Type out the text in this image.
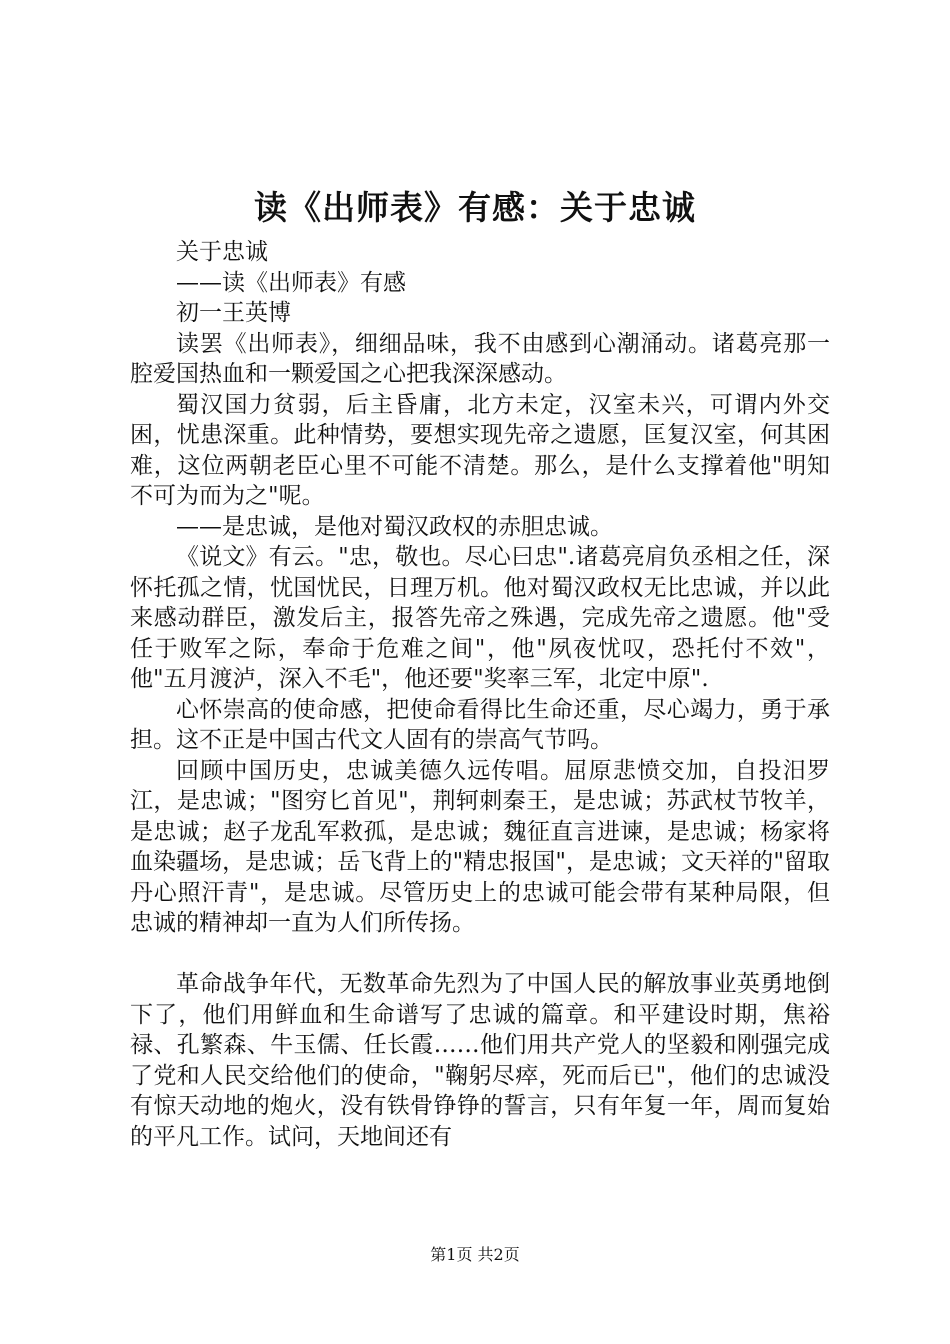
读《出师表》有感：关于忠诚

关于忠诚

——读《出师表》有感

初一王英博

读罢《出师表》，细细品味，我不由感到心潮涌动。诸葛亮那一腔爱国热血和一颗爱国之心把我深深感动。

蜀汉国力贫弱，后主昏庸，北方未定，汉室未兴，可谓内外交困，忧患深重。此种情势，要想实现先帝之遗愿，匡复汉室，何其困难，这位两朝老臣心里不可能不清楚。那么，是什么支撑着他"明知不可为而为之"呢。

——是忠诚，是他对蜀汉政权的赤胆忠诚。

《说文》有云。"忠，敬也。尽心曰忠".诸葛亮肩负丞相之任，深怀托孤之情，忧国忧民，日理万机。他对蜀汉政权无比忠诚，并以此来感动群臣，激发后主，报答先帝之殊遇，完成先帝之遗愿。他"受任于败军之际，奉命于危难之间"，他"夙夜忧叹，恐托付不效"，他"五月渡泸，深入不毛"，他还要"奖率三军，北定中原".

心怀崇高的使命感，把使命看得比生命还重，尽心竭力，勇于承担。这不正是中国古代文人固有的崇高气节吗。

回顾中国历史，忠诚美德久远传唱。屈原悲愤交加，自投汨罗江，是忠诚；"图穷匕首见"，荆轲刺秦王，是忠诚；苏武杖节牧羊，是忠诚；赵子龙乱军救孤，是忠诚；魏征直言进谏，是忠诚；杨家将血染疆场，是忠诚；岳飞背上的"精忠报国"，是忠诚；文天祥的"留取丹心照汗青"，是忠诚。尽管历史上的忠诚可能会带有某种局限，但忠诚的精神却一直为人们所传扬。

革命战争年代，无数革命先烈为了中国人民的解放事业英勇地倒下了，他们用鲜血和生命谱写了忠诚的篇章。和平建设时期，焦裕禄、孔繁森、牛玉儒、任长霞……他们用共产党人的坚毅和刚强完成了党和人民交给他们的使命，"鞠躬尽瘁，死而后已"，他们的忠诚没有惊天动地的炮火，没有铁骨铮铮的誓言，只有年复一年，周而复始的平凡工作。试问，天地间还有

第1页 共2页
